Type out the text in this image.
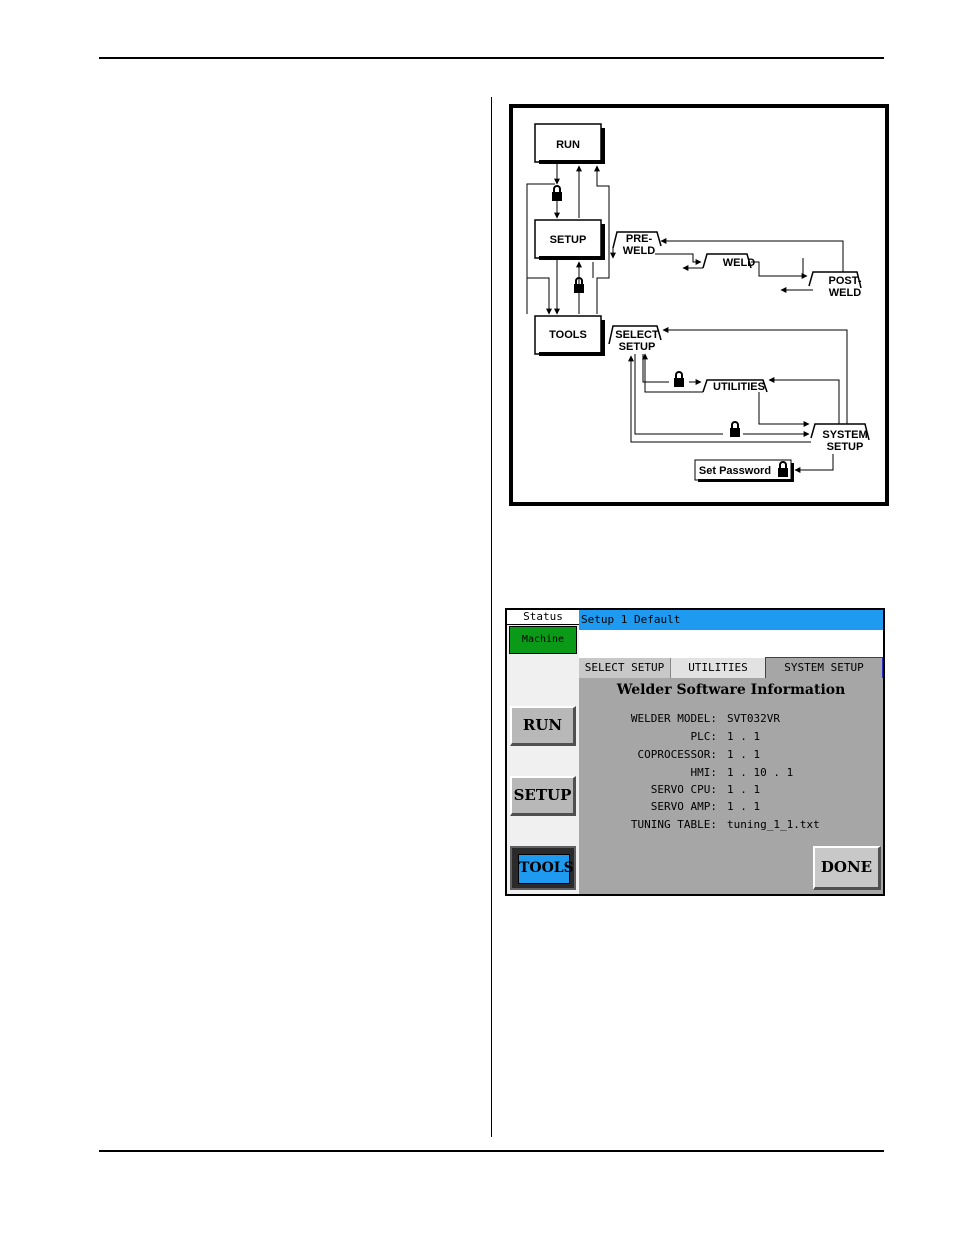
RUN
SETUP
TOOLS
PRE-
WELD
WELD
POST-
WELD
SELECT
SETUP
UTILITIES
SYSTEM
SETUP
Set Password
Status
Machine
Setup 1 Default
SELECT SETUP	UTILITIES	SYSTEM SETUP
RUN
SETUP
TOOLS
Welder Software Information
WELDER MODEL: SVT032VR
PLC: 1 . 1
COPROCESSOR: 1 . 1
HMI: 1 . 10 . 1
SERVO CPU: 1 . 1
SERVO AMP: 1 . 1
TUNING TABLE: tuning_1_1.txt
DONE
